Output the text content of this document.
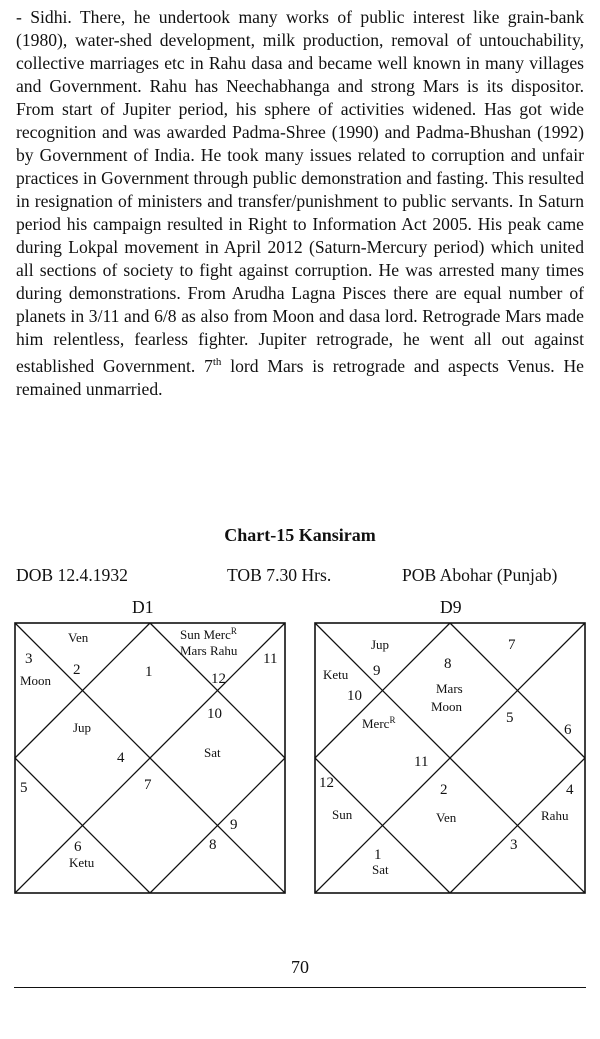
- Sidhi. There, he undertook many works of public interest like grain-bank (1980), water-shed development, milk production, removal of untouchability, collective marriages etc in Rahu dasa and became well known in many villages and Government. Rahu has Neechabhanga and strong Mars is its dispositor. From start of Jupiter period, his sphere of activities widened. Has got wide recognition and was awarded Padma-Shree (1990) and Padma-Bhushan (1992) by Government of India. He took many issues related to corruption and unfair practices in Government through public demonstration and fasting. This resulted in resignation of ministers and transfer/punishment to public servants. In Saturn period his campaign resulted in Right to Information Act 2005. His peak came during Lokpal movement in April 2012 (Saturn-Mercury period) which united all sections of society to fight against corruption. He was arrested many times during demonstrations. From Arudha Lagna Pisces there are equal number of planets in 3/11 and 6/8 as also from Moon and dasa lord. Retrograde Mars made him relentless, fearless fighter. Jupiter retrograde, he went all out against established Government. 7th lord Mars is retrograde and aspects Venus. He remained unmarried.

Chart-15 Kansiram
DOB 12.4.1932	TOB 7.30 Hrs.	POB Abohar (Punjab)
D1	D9
1
2
3
4
5
6
7
8
9
10
11
12
Ven
Moon
Jup
Ketu
Sat
Sun Merc$^R$
Mars Rahu
1
2
3
4
5
6
7
8
9
10
11
12
Jup
Ketu
Merc$^R$
Mars
Moon
Sun	Ven	Rahu
Sat
70
